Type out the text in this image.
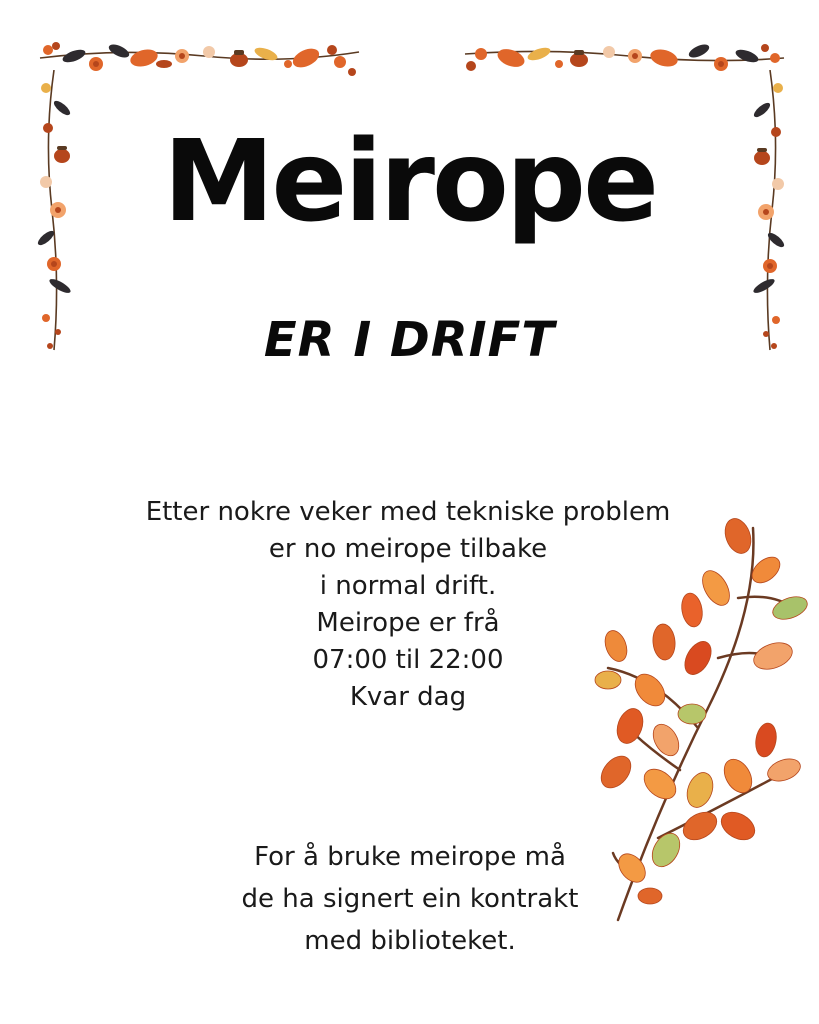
Meirope
ER I DRIFT
Etter nokre veker med tekniske problem
er no meirope tilbake
i normal drift.
Meirope er frå
07:00 til 22:00
Kvar dag
For å bruke meirope må
de ha signert ein kontrakt
med biblioteket.
